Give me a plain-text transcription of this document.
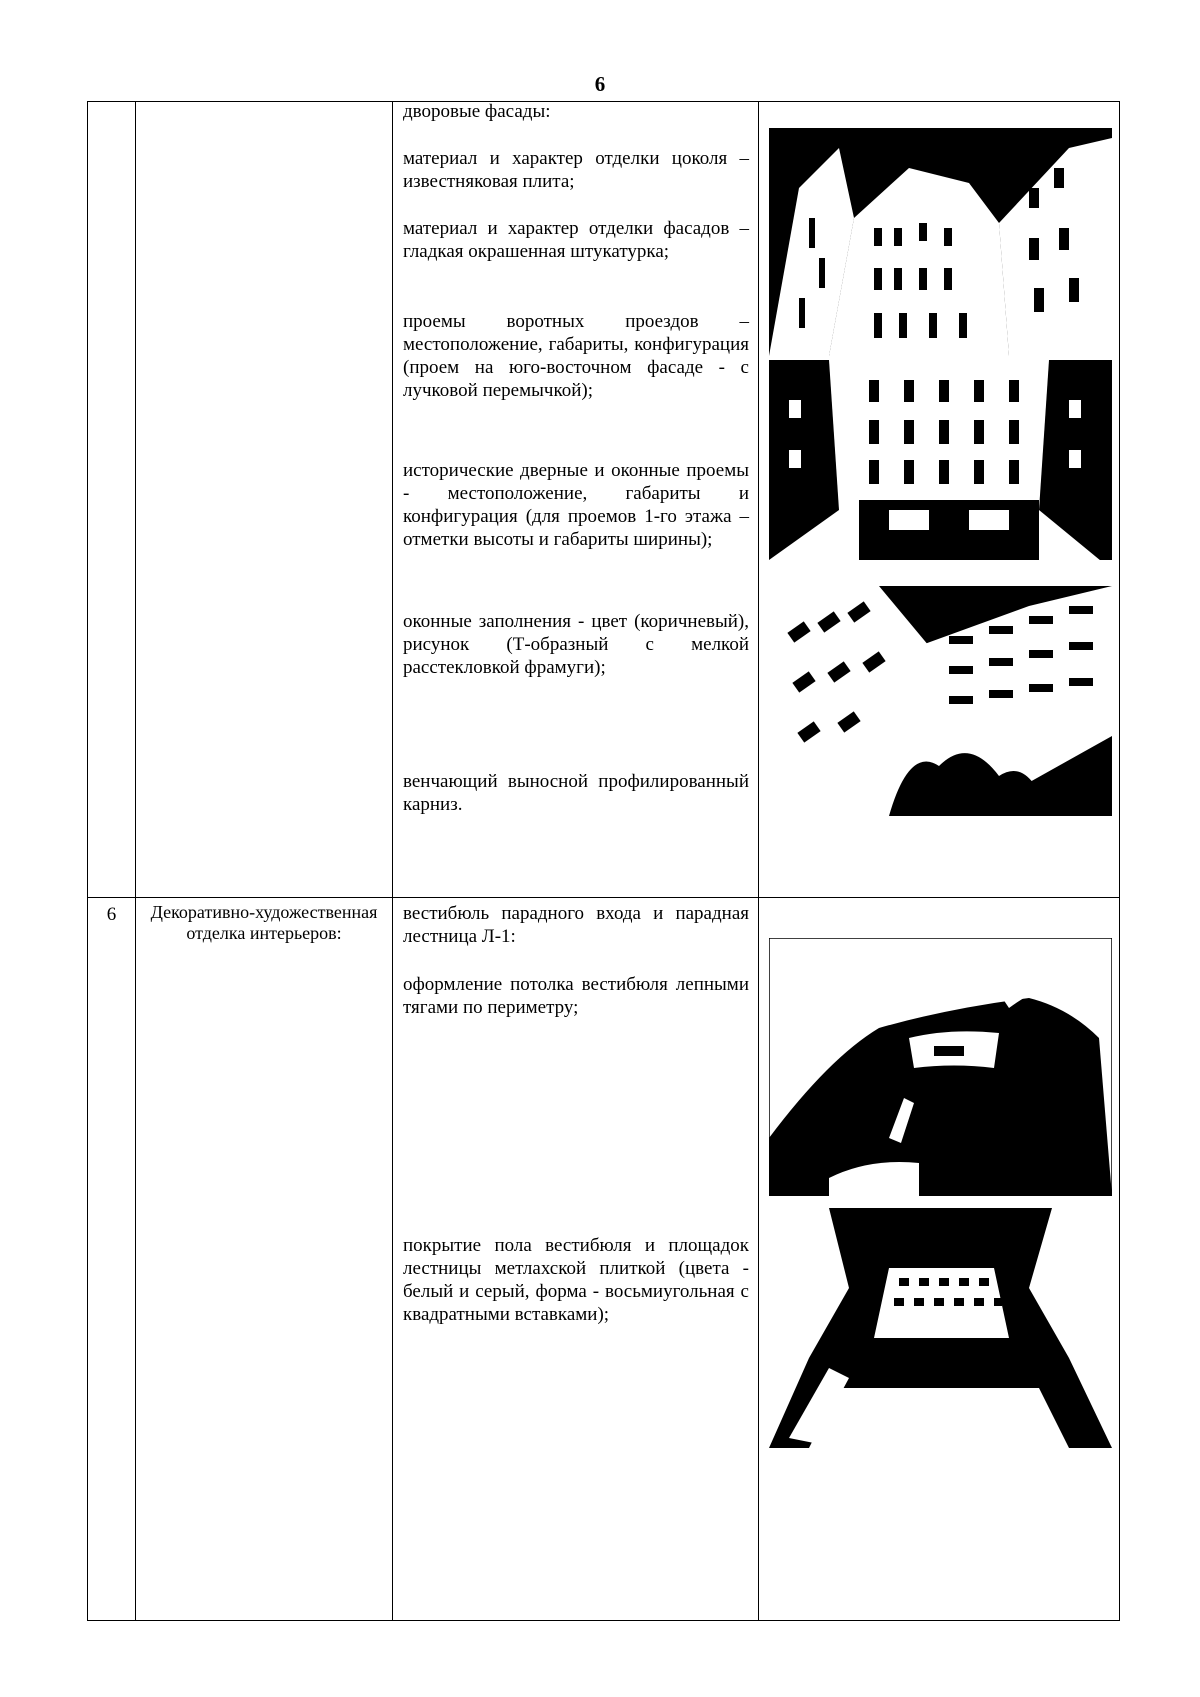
6
дворовые фасады:
материал и характер отделки цоколя – известняковая плита;
материал и характер отделки фасадов – гладкая окрашенная штукатурка;
проемы воротных проездов – местоположение, габариты, конфигурация (проем на юго-восточном фасаде - с лучковой перемычкой);
исторические дверные и оконные проемы - местоположение, габариты и конфигурация (для проемов 1-го этажа – отметки высоты и габариты ширины);
оконные заполнения - цвет (коричневый), рисунок (Т-образный с мелкой расстекловкой фрамуги);
венчающий выносной профилированный карниз.
6	Декоративно-художественная отделка интерьеров:
вестибюль парадного входа и парадная лестница Л-1:
оформление потолка вестибюля лепными тягами по периметру;
покрытие пола вестибюля и площадок лестницы метлахской плиткой (цвета - белый и серый, форма - восьмиугольная с квадратными вставками);
